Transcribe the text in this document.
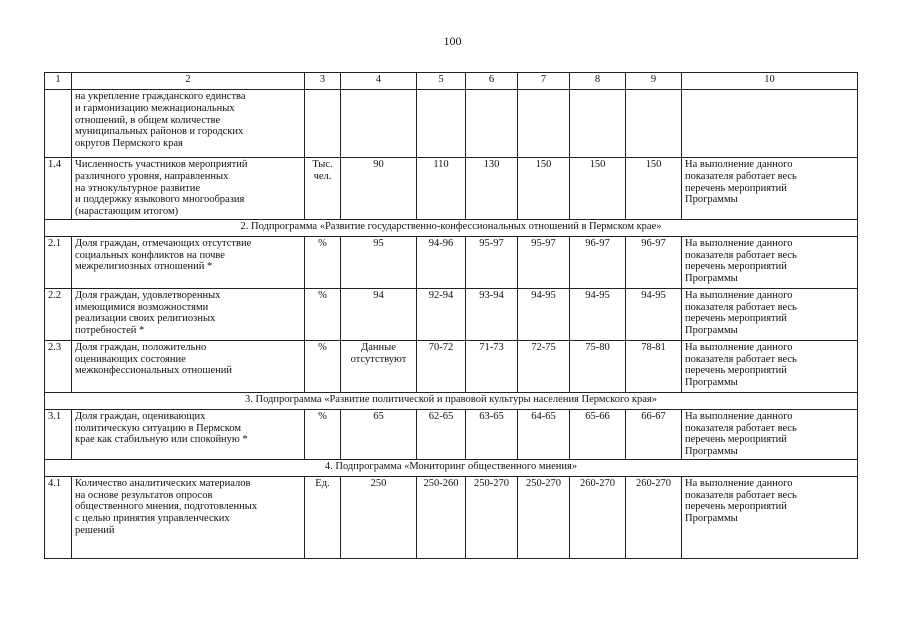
100
1	2	3	4	5	6	7	8	9	10
	на укрепление гражданского единства
и гармонизацию межнациональных
отношений, в общем количестве
муниципальных районов и городских
округов Пермского края								
1.4	Численность участников мероприятий
различного уровня, направленных
на этнокультурное развитие
и поддержку языкового многообразия
(нарастающим итогом)	Тыс.
чел.	90	110	130	150	150	150	На выполнение данного
показателя работает весь
перечень мероприятий
Программы
2. Подпрограмма «Развитие государственно-конфессиональных отношений в Пермском крае»									
2.1	Доля граждан, отмечающих отсутствие
социальных конфликтов на почве
межрелигиозных отношений *	%	95	94-96	95-97	95-97	96-97	96-97	На выполнение данного
показателя работает весь
перечень мероприятий
Программы
2.2	Доля граждан, удовлетворенных
имеющимися возможностями
реализации своих религиозных
потребностей *	%	94	92-94	93-94	94-95	94-95	94-95	На выполнение данного
показателя работает весь
перечень мероприятий
Программы
2.3	Доля граждан, положительно
оценивающих состояние
межконфессиональных отношений	%	Данные
отсутствуют	70-72	71-73	72-75	75-80	78-81	На выполнение данного
показателя работает весь
перечень мероприятий
Программы
3. Подпрограмма «Развитие политической и правовой культуры населения Пермского края»									
3.1	Доля граждан, оценивающих
политическую ситуацию в Пермском
крае как стабильную или спокойную *	%	65	62-65	63-65	64-65	65-66	66-67	На выполнение данного
показателя работает весь
перечень мероприятий
Программы
4. Подпрограмма «Мониторинг общественного мнения»									
4.1	Количество аналитических материалов
на основе результатов опросов
общественного мнения, подготовленных
с целью принятия управленческих
решений	Ед.	250	250-260	250-270	250-270	260-270	260-270	На выполнение данного
показателя работает весь
перечень мероприятий
Программы
